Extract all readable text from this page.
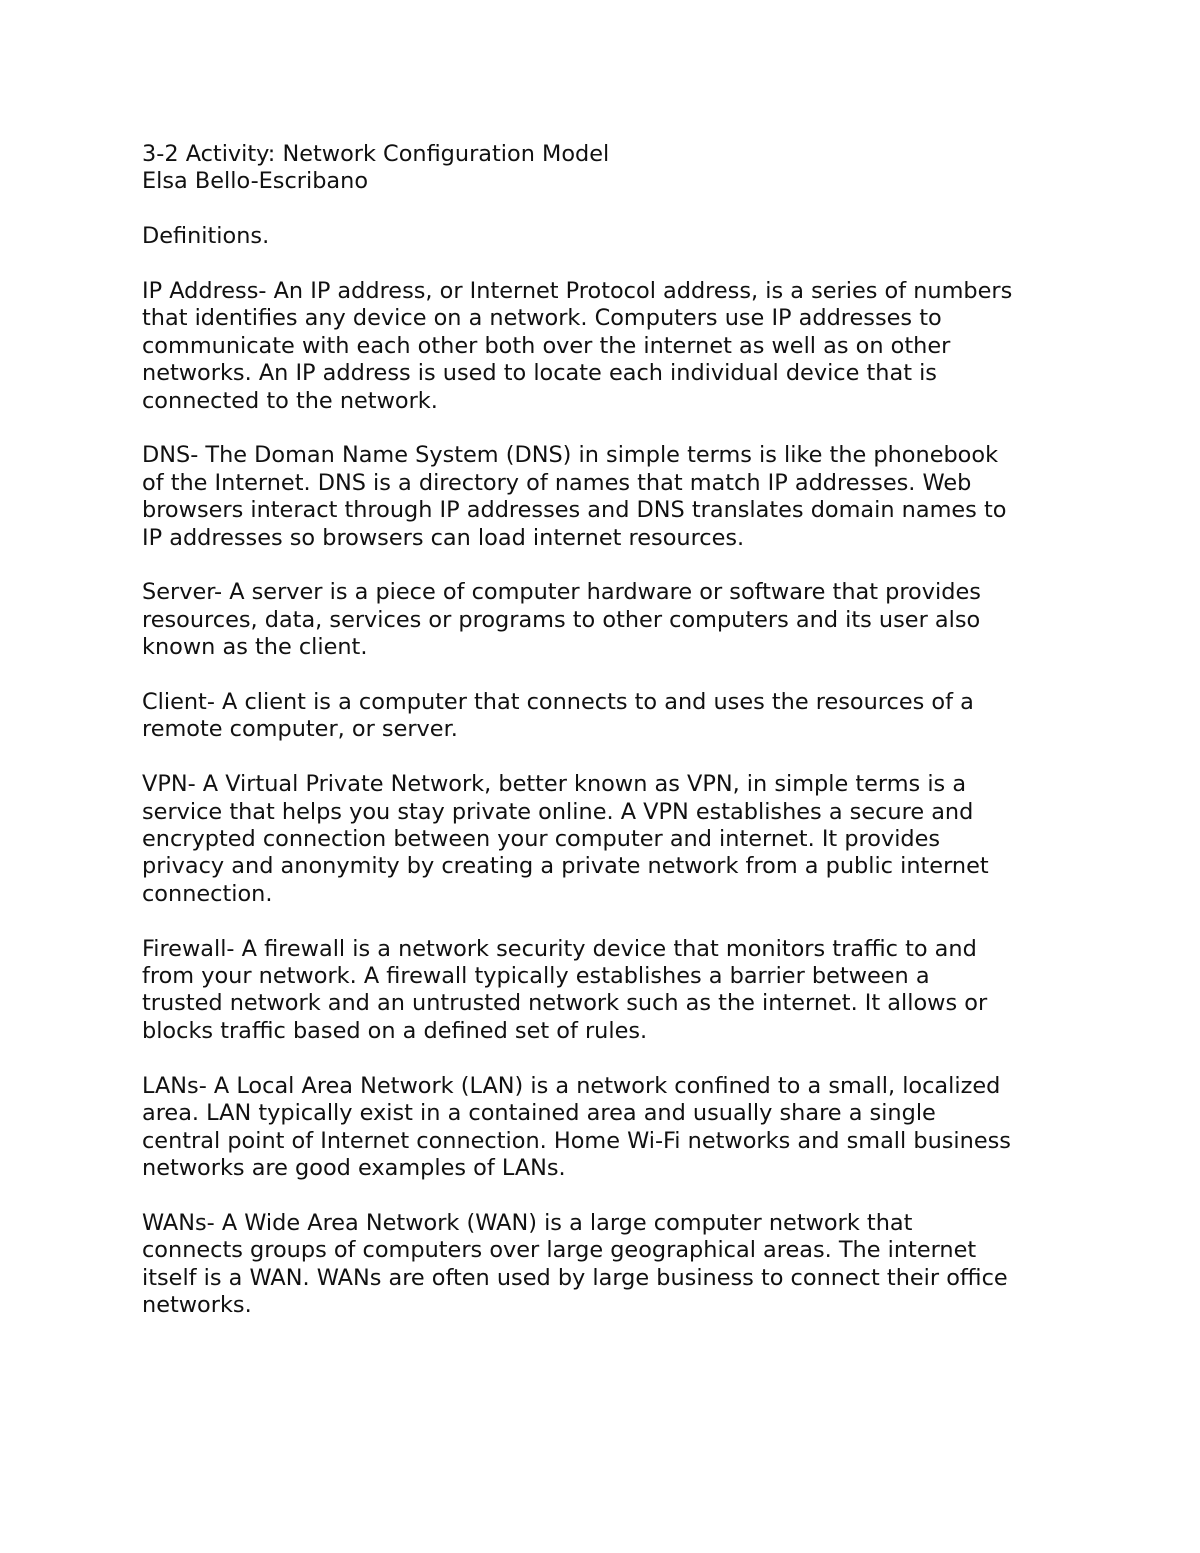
3-2 Activity: Network Configuration Model

Elsa Bello-Escribano

Definitions.

IP Address- An IP address, or Internet Protocol address, is a series of numbers

that identifies any device on a network. Computers use IP addresses to

communicate with each other both over the internet as well as on other

networks. An IP address is used to locate each individual device that is

connected to the network.

DNS- The Doman Name System (DNS) in simple terms is like the phonebook

of the Internet. DNS is a directory of names that match IP addresses. Web

browsers interact through IP addresses and DNS translates domain names to

IP addresses so browsers can load internet resources.

Server- A server is a piece of computer hardware or software that provides

resources, data, services or programs to other computers and its user also

known as the client.

Client- A client is a computer that connects to and uses the resources of a

remote computer, or server.

VPN- A Virtual Private Network, better known as VPN, in simple terms is a

service that helps you stay private online. A VPN establishes a secure and

encrypted connection between your computer and internet. It provides

privacy and anonymity by creating a private network from a public internet

connection.

Firewall- A firewall is a network security device that monitors traffic to and

from your network. A firewall typically establishes a barrier between a

trusted network and an untrusted network such as the internet. It allows or

blocks traffic based on a defined set of rules.

LANs- A Local Area Network (LAN) is a network confined to a small, localized

area. LAN typically exist in a contained area and usually share a single

central point of Internet connection. Home Wi-Fi networks and small business

networks are good examples of LANs.

WANs- A Wide Area Network (WAN) is a large computer network that

connects groups of computers over large geographical areas. The internet

itself is a WAN. WANs are often used by large business to connect their office

networks.
